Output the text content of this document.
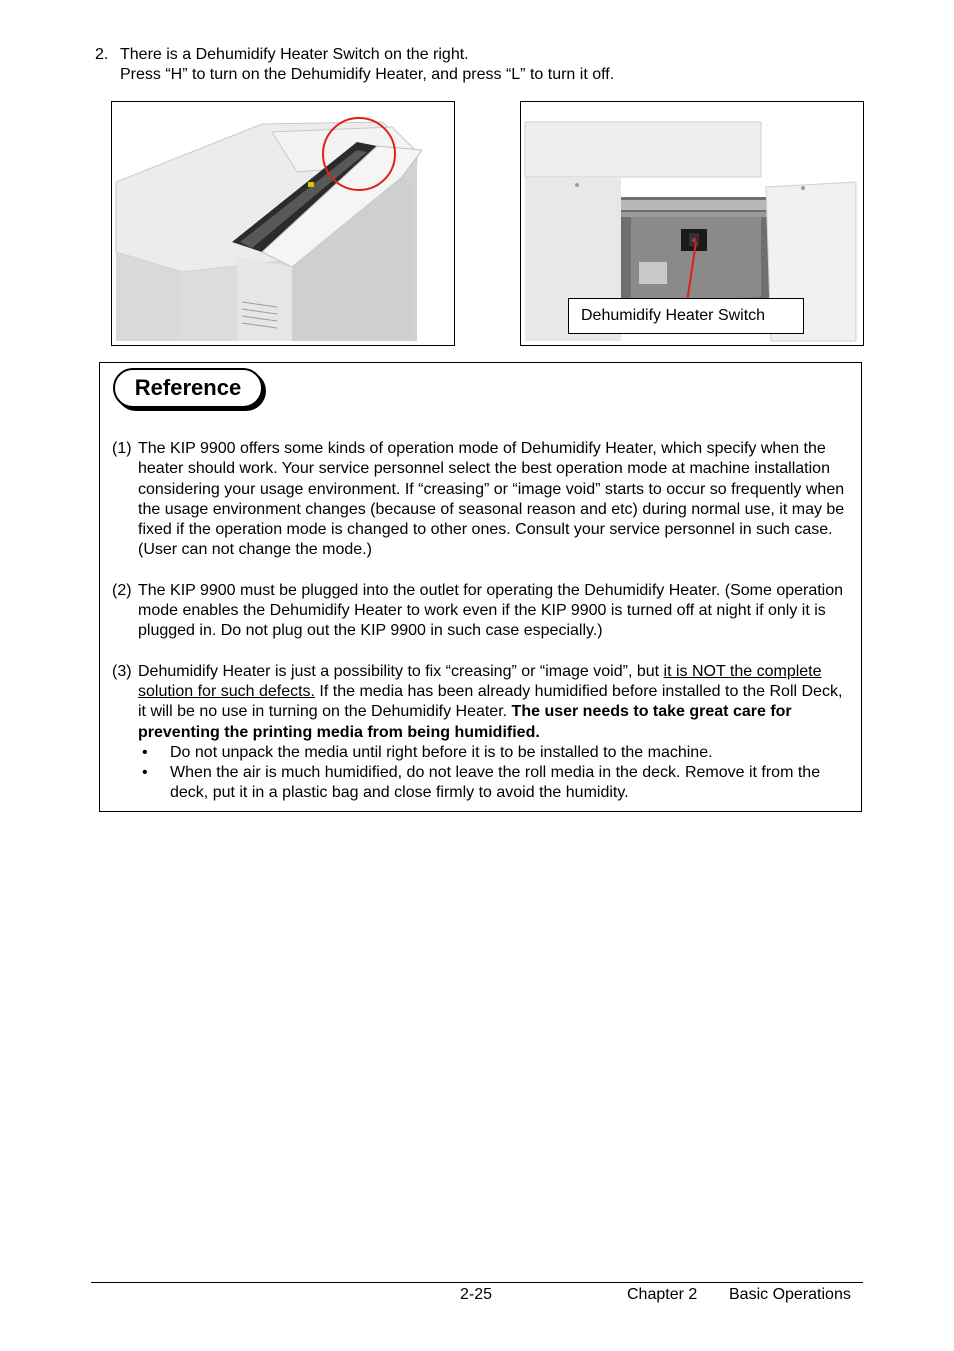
2. There is a Dehumidify Heater Switch on the right.
Press “H” to turn on the Dehumidify Heater, and press “L” to turn it off.
Dehumidify Heater Switch
Reference
(1) The KIP 9900 offers some kinds of operation mode of Dehumidify Heater, which specify when the heater should work. Your service personnel select the best operation mode at machine installation considering your usage environment. If “creasing” or “image void” starts to occur so frequently when the usage environment changes (because of seasonal reason and etc) during normal use, it may be fixed if the operation mode is changed to other ones. Consult your service personnel in such case. (User can not change the mode.)
(2) The KIP 9900 must be plugged into the outlet for operating the Dehumidify Heater. (Some operation mode enables the Dehumidify Heater to work even if the KIP 9900 is turned off at night if only it is plugged in. Do not plug out the KIP 9900 in such case especially.)
(3) Dehumidify Heater is just a possibility to fix “creasing” or “image void”, but it is NOT the complete solution for such defects. If the media has been already humidified before installed to the Roll Deck, it will be no use in turning on the Dehumidify Heater. The user needs to take great care for preventing the printing media from being humidified.
•	Do not unpack the media until right before it is to be installed to the machine.
•	When the air is much humidified, do not leave the roll media in the deck. Remove it from the deck, put it in a plastic bag and close firmly to avoid the humidity.
2-25	Chapter 2 Basic Operations
